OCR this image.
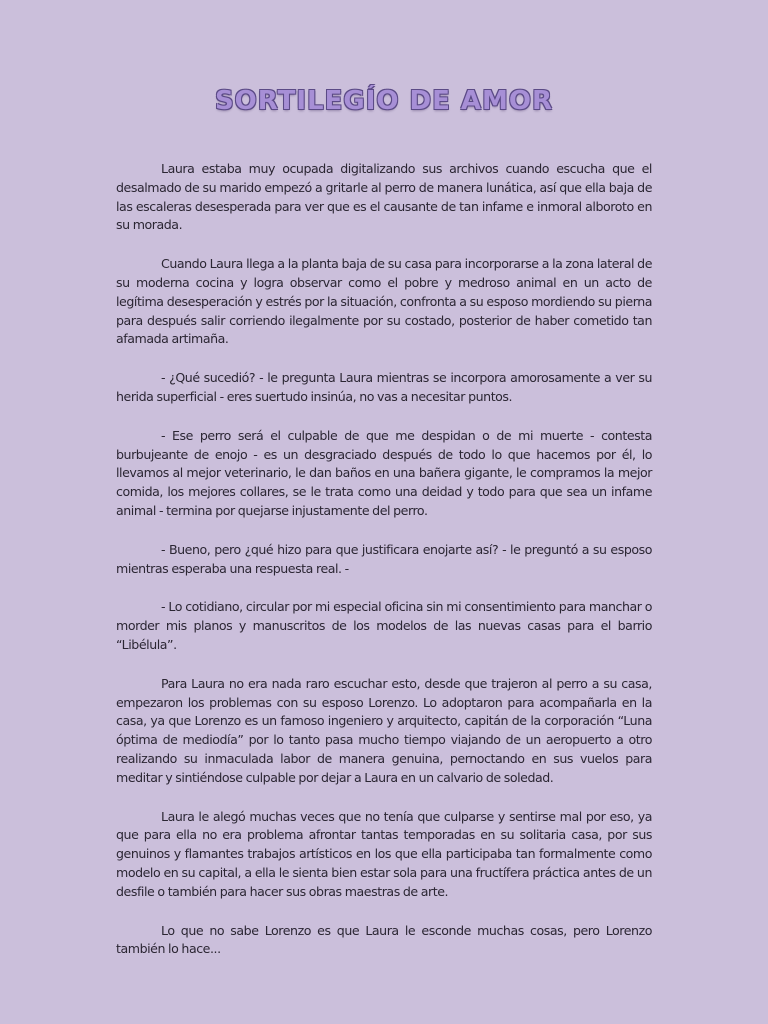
SORTILEGÍO DE AMOR

Laura estaba muy ocupada digitalizando sus archivos cuando escucha que el desalmado de su marido empezó a gritarle al perro de manera lunática, así que ella baja de las escaleras desesperada para ver que es el causante de tan infame e inmoral alboroto en su morada.

Cuando Laura llega a la planta baja de su casa para incorporarse a la zona lateral de su moderna cocina y logra observar como el pobre y medroso animal en un acto de legítima desesperación y estrés por la situación, confronta a su esposo mordiendo su pierna para después salir corriendo ilegalmente por su costado, posterior de haber cometido tan afamada artimaña.

- ¿Qué sucedió? - le pregunta Laura mientras se incorpora amorosamente a ver su herida superficial - eres suertudo insinúa, no vas a necesitar puntos.

- Ese perro será el culpable de que me despidan o de mi muerte - contesta burbujeante de enojo - es un desgraciado después de todo lo que hacemos por él, lo llevamos al mejor veterinario, le dan baños en una bañera gigante, le compramos la mejor comida, los mejores collares, se le trata como una deidad y todo para que sea un infame animal - termina por quejarse injustamente del perro.

- Bueno, pero ¿qué hizo para que justificara enojarte así? - le preguntó a su esposo mientras esperaba una respuesta real. -

- Lo cotidiano, circular por mi especial oficina sin mi consentimiento para manchar o morder mis planos y manuscritos de los modelos de las nuevas casas para el barrio “Libélula”.

Para Laura no era nada raro escuchar esto, desde que trajeron al perro a su casa, empezaron los problemas con su esposo Lorenzo. Lo adoptaron para acompañarla en la casa, ya que Lorenzo es un famoso ingeniero y arquitecto, capitán de la corporación “Luna óptima de mediodía” por lo tanto pasa mucho tiempo viajando de un aeropuerto a otro realizando su inmaculada labor de manera genuina, pernoctando en sus vuelos para meditar y sintiéndose culpable por dejar a Laura en un calvario de soledad.

Laura le alegó muchas veces que no tenía que culparse y sentirse mal por eso, ya que para ella no era problema afrontar tantas temporadas en su solitaria casa, por sus genuinos y flamantes trabajos artísticos en los que ella participaba tan formalmente como modelo en su capital, a ella le sienta bien estar sola para una fructífera práctica antes de un desfile o también para hacer sus obras maestras de arte.

Lo que no sabe Lorenzo es que Laura le esconde muchas cosas, pero Lorenzo también lo hace...
